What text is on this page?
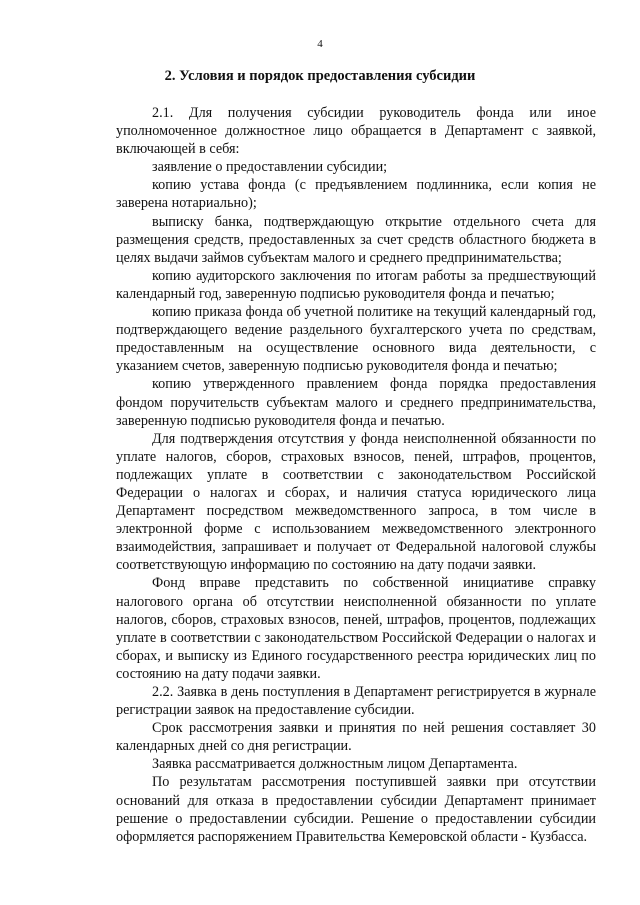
4
2. Условия и порядок предоставления субсидии

2.1. Для получения субсидии руководитель фонда или иное уполномоченное должностное лицо обращается в Департамент с заявкой, включающей в себя:

заявление о предоставлении субсидии;

копию устава фонда (с предъявлением подлинника, если копия не заверена нотариально);

выписку банка, подтверждающую открытие отдельного счета для размещения средств, предоставленных за счет средств областного бюджета в целях выдачи займов субъектам малого и среднего предпринимательства;

копию аудиторского заключения по итогам работы за предшествующий календарный год, заверенную подписью руководителя фонда и печатью;

копию приказа фонда об учетной политике на текущий календарный год, подтверждающего ведение раздельного бухгалтерского учета по средствам, предоставленным на осуществление основного вида деятельности, с указанием счетов, заверенную подписью руководителя фонда и печатью;

копию утвержденного правлением фонда порядка предоставления фондом поручительств субъектам малого и среднего предпринимательства, заверенную подписью руководителя фонда и печатью.

Для подтверждения отсутствия у фонда неисполненной обязанности по уплате налогов, сборов, страховых взносов, пеней, штрафов, процентов, подлежащих уплате в соответствии с законодательством Российской Федерации о налогах и сборах, и наличия статуса юридического лица Департамент посредством межведомственного запроса, в том числе в электронной форме с использованием межведомственного электронного взаимодействия, запрашивает и получает от Федеральной налоговой службы соответствующую информацию по состоянию на дату подачи заявки.

Фонд вправе представить по собственной инициативе справку налогового органа об отсутствии неисполненной обязанности по уплате налогов, сборов, страховых взносов, пеней, штрафов, процентов, подлежащих уплате в соответствии с законодательством Российской Федерации о налогах и сборах, и выписку из Единого государственного реестра юридических лиц по состоянию на дату подачи заявки.

2.2. Заявка в день поступления в Департамент регистрируется в журнале регистрации заявок на предоставление субсидии.

Срок рассмотрения заявки и принятия по ней решения составляет 30 календарных дней со дня регистрации.

Заявка рассматривается должностным лицом Департамента.

По результатам рассмотрения поступившей заявки при отсутствии оснований для отказа в предоставлении субсидии Департамент принимает решение о предоставлении субсидии. Решение о предоставлении субсидии оформляется распоряжением Правительства Кемеровской области - Кузбасса.
